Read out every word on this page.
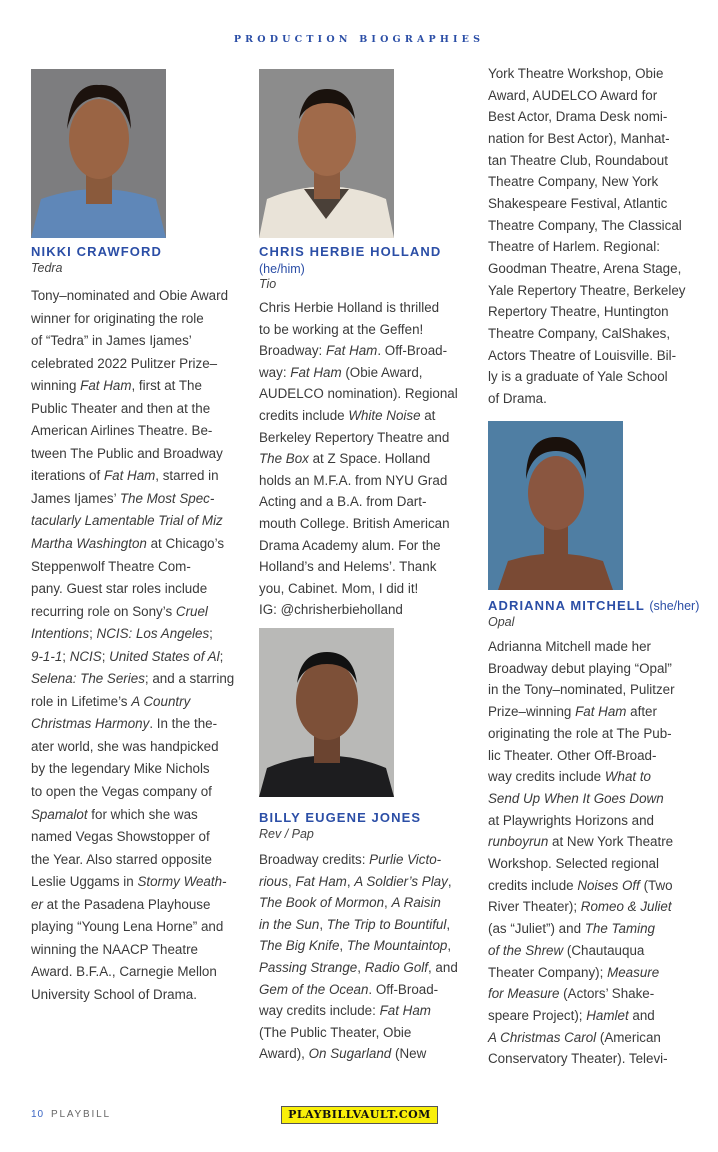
PRODUCTION BIOGRAPHIES
NIKKI CRAWFORD
Tedra
Tony–nominated and Obie Award
winner for originating the role
of “Tedra” in James Ijames’
celebrated 2022 Pulitzer Prize–
winning Fat Ham, first at The
Public Theater and then at the
American Airlines Theatre. Be-
tween The Public and Broadway
iterations of Fat Ham, starred in
James Ijames’ The Most Spec-
tacularly Lamentable Trial of Miz
Martha Washington at Chicago’s
Steppenwolf Theatre Com-
pany. Guest star roles include
recurring role on Sony’s Cruel
Intentions; NCIS: Los Angeles;
9-1-1; NCIS; United States of Al;
Selena: The Series; and a starring
role in Lifetime’s A Country
Christmas Harmony. In the the-
ater world, she was handpicked
by the legendary Mike Nichols
to open the Vegas company of
Spamalot for which she was
named Vegas Showstopper of
the Year. Also starred opposite
Leslie Uggams in Stormy Weath-
er at the Pasadena Playhouse
playing “Young Lena Horne” and
winning the NAACP Theatre
Award. B.F.A., Carnegie Mellon
University School of Drama.
CHRIS HERBIE HOLLAND
(he/him)
Tio
Chris Herbie Holland is thrilled
to be working at the Geffen!
Broadway: Fat Ham. Off-Broad-
way: Fat Ham (Obie Award,
AUDELCO nomination). Regional
credits include White Noise at
Berkeley Repertory Theatre and
The Box at Z Space. Holland
holds an M.F.A. from NYU Grad
Acting and a B.A. from Dart-
mouth College. British American
Drama Academy alum. For the
Holland’s and Helems’. Thank
you, Cabinet. Mom, I did it!
IG: @chrisherbieholland
BILLY EUGENE JONES
Rev / Pap
Broadway credits: Purlie Victo-
rious, Fat Ham, A Soldier’s Play,
The Book of Mormon, A Raisin
in the Sun, The Trip to Bountiful,
The Big Knife, The Mountaintop,
Passing Strange, Radio Golf, and
Gem of the Ocean. Off-Broad-
way credits include: Fat Ham
(The Public Theater, Obie
Award), On Sugarland (New
York Theatre Workshop, Obie
Award, AUDELCO Award for
Best Actor, Drama Desk nomi-
nation for Best Actor), Manhat-
tan Theatre Club, Roundabout
Theatre Company, New York
Shakespeare Festival, Atlantic
Theatre Company, The Classical
Theatre of Harlem. Regional:
Goodman Theatre, Arena Stage,
Yale Repertory Theatre, Berkeley
Repertory Theatre, Huntington
Theatre Company, CalShakes,
Actors Theatre of Louisville. Bil-
ly is a graduate of Yale School
of Drama.
ADRIANNA MITCHELL (she/her)
Opal
Adrianna Mitchell made her
Broadway debut playing “Opal”
in the Tony–nominated, Pulitzer
Prize–winning Fat Ham after
originating the role at The Pub-
lic Theater. Other Off-Broad-
way credits include What to
Send Up When It Goes Down
at Playwrights Horizons and
runboyrun at New York Theatre
Workshop. Selected regional
credits include Noises Off (Two
River Theater); Romeo & Juliet
(as “Juliet”) and The Taming
of the Shrew (Chautauqua
Theater Company); Measure
for Measure (Actors’ Shake-
speare Project); Hamlet and
A Christmas Carol (American
Conservatory Theater). Televi-
10 PLAYBILL	PLAYBILLVAULT.COM
